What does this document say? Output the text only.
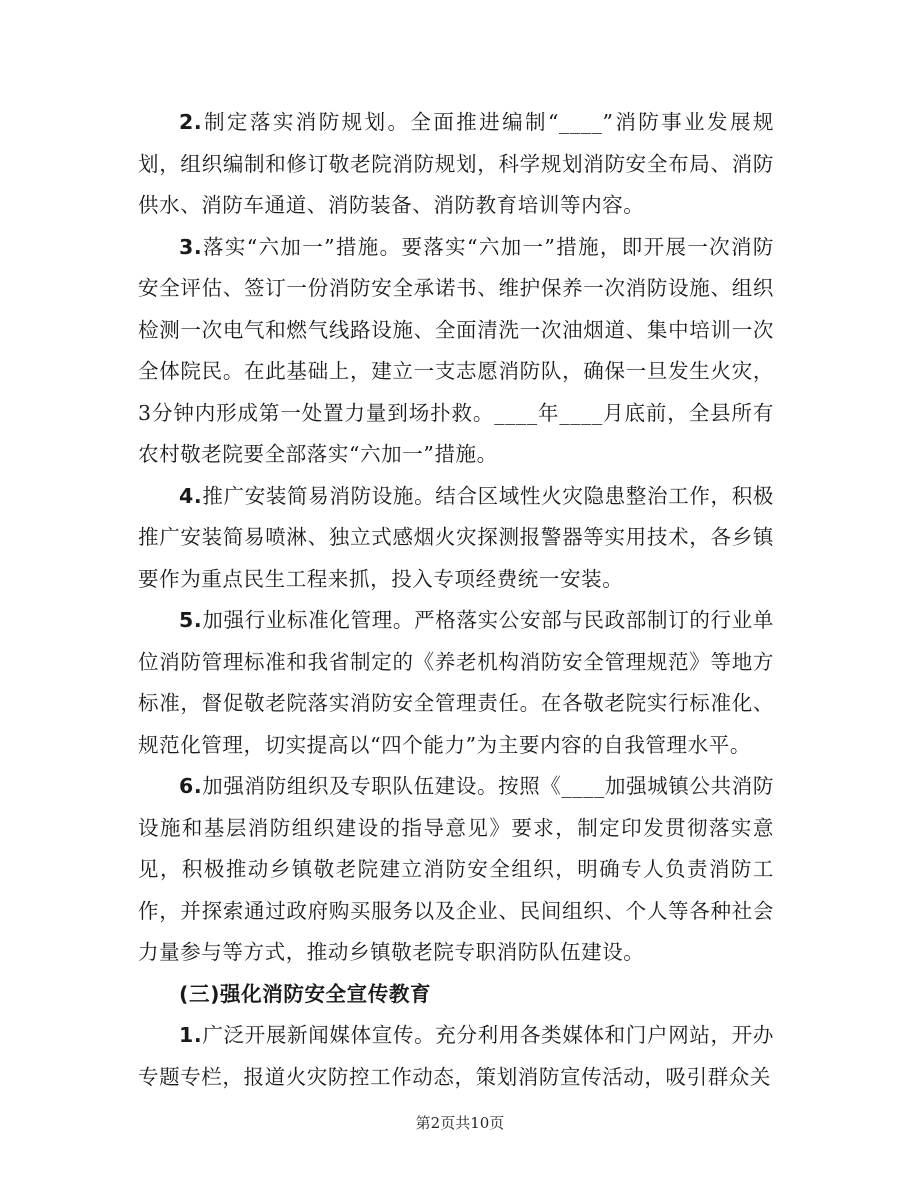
2.制定落实消防规划。全面推进编制“____”消防事业发展规划，组织编制和修订敬老院消防规划，科学规划消防安全布局、消防供水、消防车通道、消防装备、消防教育培训等内容。

3.落实“六加一”措施。要落实“六加一”措施，即开展一次消防安全评估、签订一份消防安全承诺书、维护保养一次消防设施、组织检测一次电气和燃气线路设施、全面清洗一次油烟道、集中培训一次全体院民。在此基础上，建立一支志愿消防队，确保一旦发生火灾，3分钟内形成第一处置力量到场扑救。____年____月底前，全县所有农村敬老院要全部落实“六加一”措施。

4.推广安装简易消防设施。结合区域性火灾隐患整治工作，积极推广安装简易喷淋、独立式感烟火灾探测报警器等实用技术，各乡镇要作为重点民生工程来抓，投入专项经费统一安装。

5.加强行业标准化管理。严格落实公安部与民政部制订的行业单位消防管理标准和我省制定的《养老机构消防安全管理规范》等地方标准，督促敬老院落实消防安全管理责任。在各敬老院实行标准化、规范化管理，切实提高以“四个能力”为主要内容的自我管理水平。

6.加强消防组织及专职队伍建设。按照《____加强城镇公共消防设施和基层消防组织建设的指导意见》要求，制定印发贯彻落实意见，积极推动乡镇敬老院建立消防安全组织，明确专人负责消防工作，并探索通过政府购买服务以及企业、民间组织、个人等各种社会力量参与等方式，推动乡镇敬老院专职消防队伍建设。

(三)强化消防安全宣传教育

1.广泛开展新闻媒体宣传。充分利用各类媒体和门户网站，开办专题专栏，报道火灾防控工作动态，策划消防宣传活动，吸引群众关

第2页共10页
